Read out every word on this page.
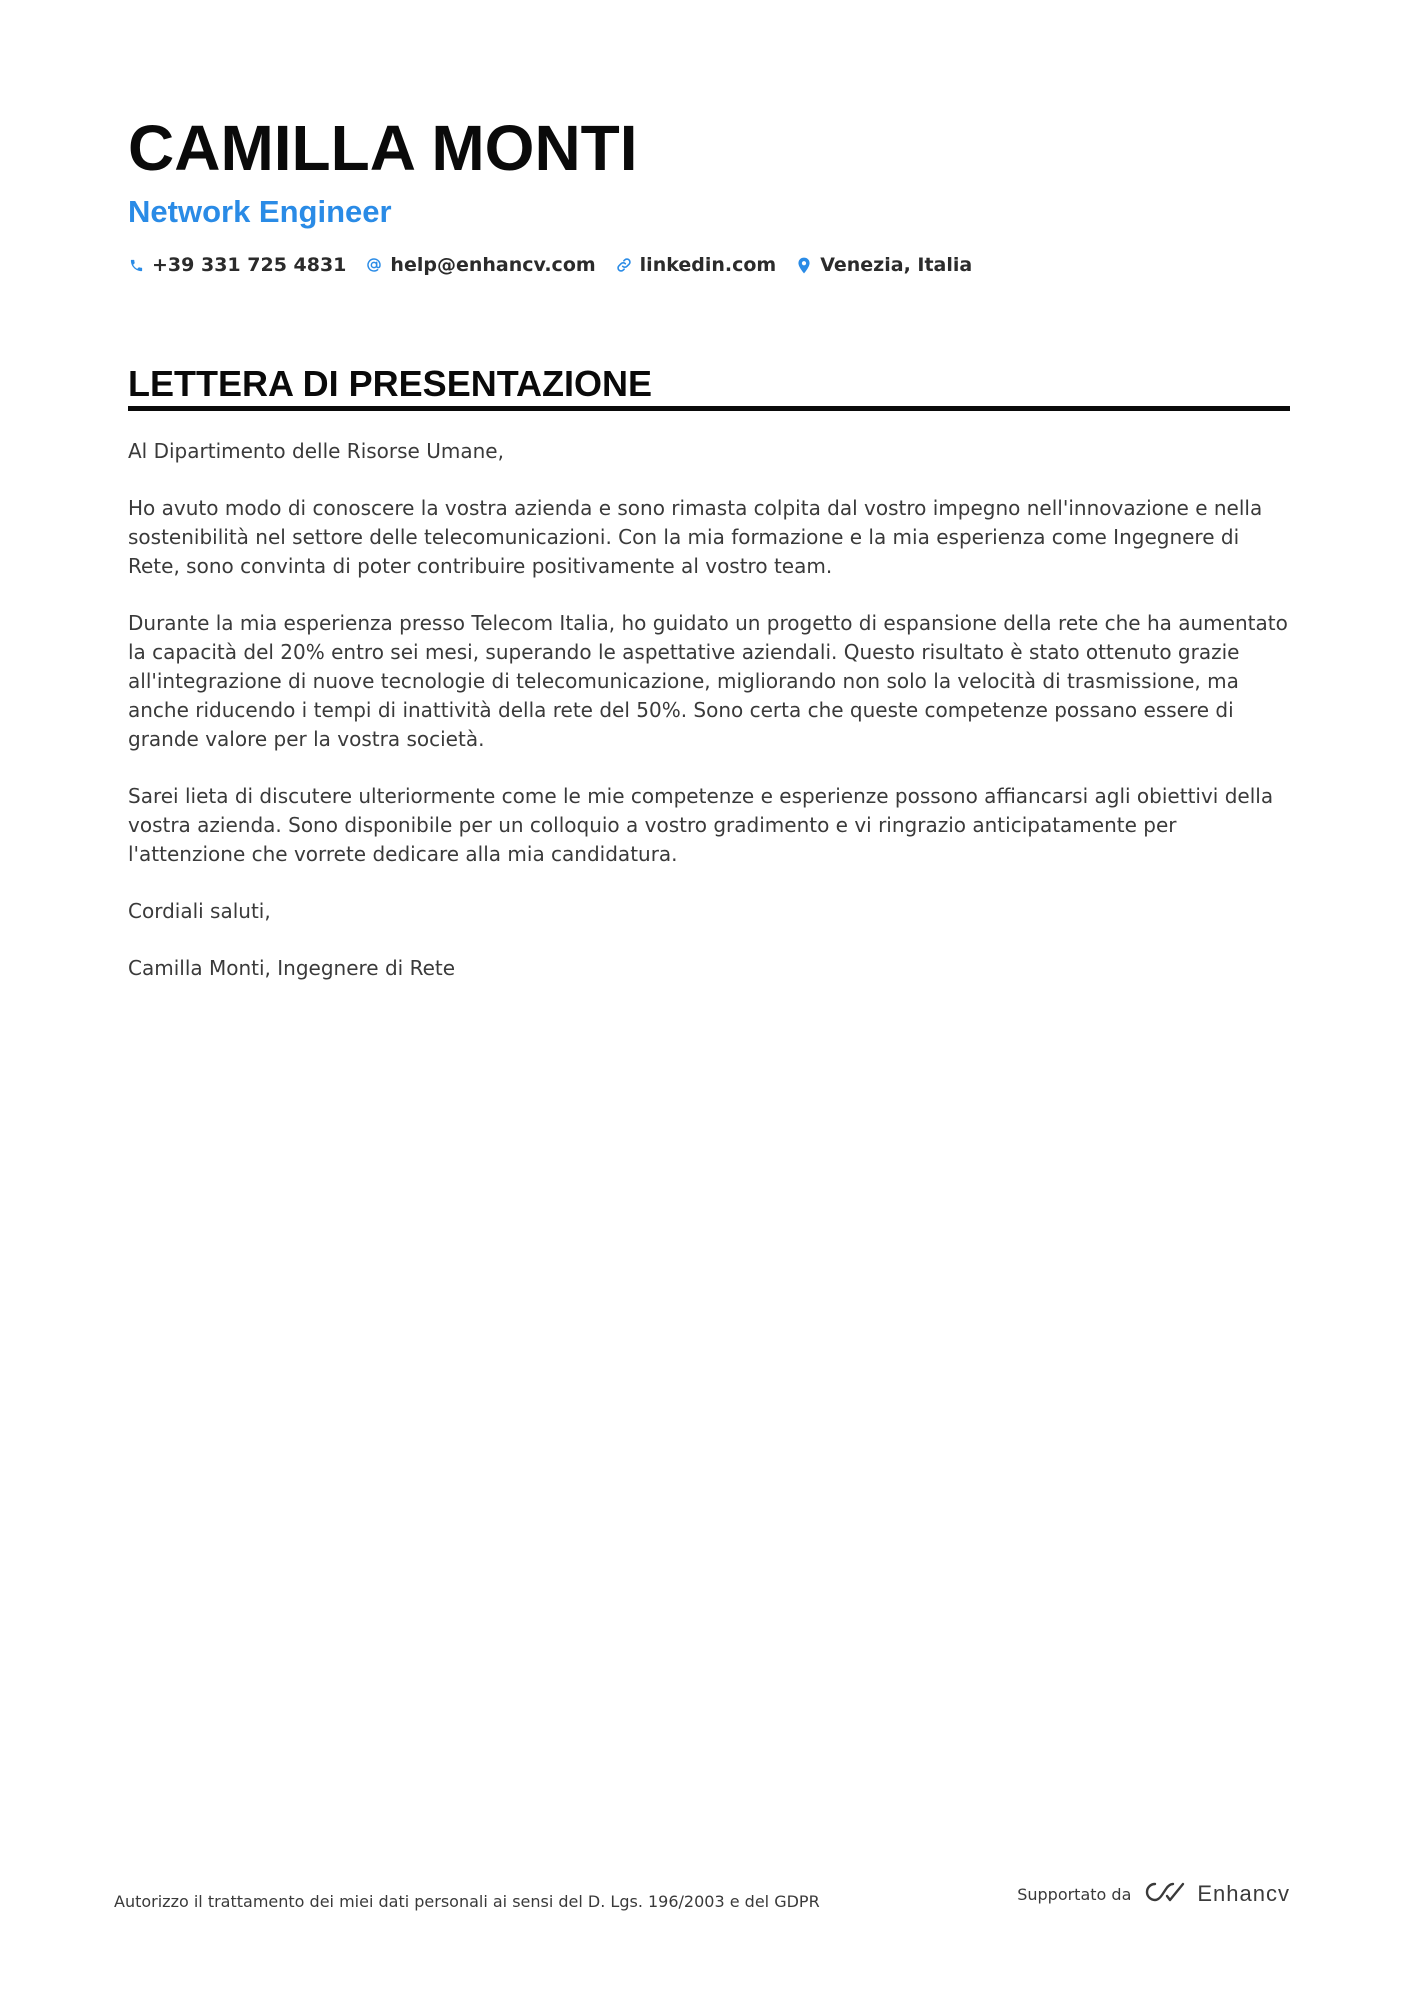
CAMILLA MONTI
Network Engineer
+39 331 725 4831 help@enhancv.com linkedin.com Venezia, Italia
LETTERA DI PRESENTAZIONE

Al Dipartimento delle Risorse Umane,

Ho avuto modo di conoscere la vostra azienda e sono rimasta colpita dal vostro impegno nell'innovazione e nella sostenibilità nel settore delle telecomunicazioni. Con la mia formazione e la mia esperienza come Ingegnere di Rete, sono convinta di poter contribuire positivamente al vostro team.

Durante la mia esperienza presso Telecom Italia, ho guidato un progetto di espansione della rete che ha aumentato la capacità del 20% entro sei mesi, superando le aspettative aziendali. Questo risultato è stato ottenuto grazie all'integrazione di nuove tecnologie di telecomunicazione, migliorando non solo la velocità di trasmissione, ma anche riducendo i tempi di inattività della rete del 50%. Sono certa che queste competenze possano essere di grande valore per la vostra società.

Sarei lieta di discutere ulteriormente come le mie competenze e esperienze possono affiancarsi agli obiettivi della vostra azienda. Sono disponibile per un colloquio a vostro gradimento e vi ringrazio anticipatamente per l'attenzione che vorrete dedicare alla mia candidatura.

Cordiali saluti,

Camilla Monti, Ingegnere di Rete

Autorizzo il trattamento dei miei dati personali ai sensi del D. Lgs. 196/2003 e del GDPR	Supportato da	Enhancv
